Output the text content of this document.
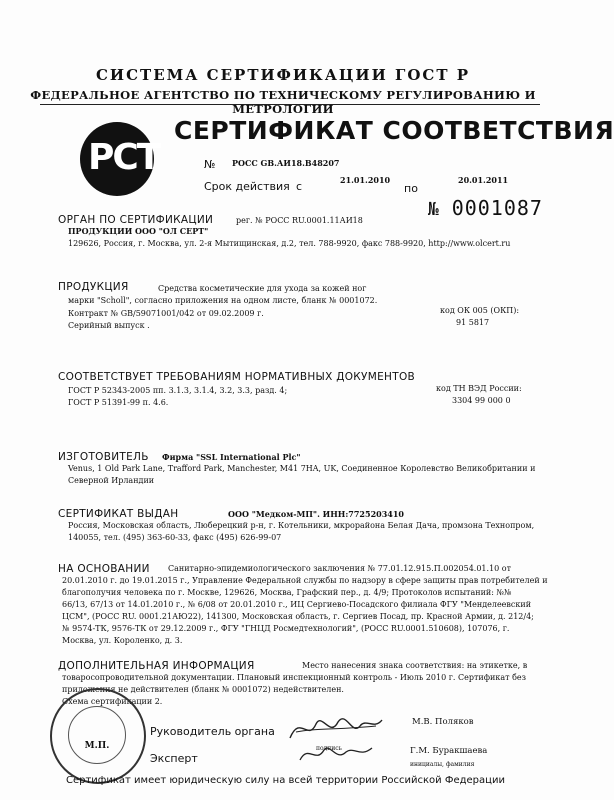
СИСТЕМА СЕРТИФИКАЦИИ ГОСТ Р
ФЕДЕРАЛЬНОЕ АГЕНТСТВО ПО ТЕХНИЧЕСКОМУ РЕГУЛИРОВАНИЮ И МЕТРОЛОГИИ
РСТ
СЕРТИФИКАТ СООТВЕТСТВИЯ
№ РОСС GB.АИ18.В48207
Срок действия с	21.01.2010
по
20.01.2011
№ 0001087
ОРГАН ПО СЕРТИФИКАЦИИ	рег. № РОСС RU.0001.11АИ18
ПРОДУКЦИИ ООО "ОЛ СЕРТ"
129626, Россия, г. Москва, ул. 2-я Мытищинская, д.2, тел. 788-9920, факс 788-9920, http://www.olcert.ru
ПРОДУКЦИЯ	Средства косметические для ухода за кожей ног
марки "Scholl", согласно приложения на одном листе, бланк № 0001072.
Контракт № GB/59071001/042 от 09.02.2009 г.
Серийный выпуск .
код ОК 005 (ОКП):
91 5817
СООТВЕТСТВУЕТ ТРЕБОВАНИЯМ НОРМАТИВНЫХ ДОКУМЕНТОВ
ГОСТ Р 52343-2005 пп. 3.1.3, 3.1.4, 3.2, 3.3, разд. 4;
ГОСТ Р 51391-99 п. 4.6.
код ТН ВЭД России:
3304 99 000 0
ИЗГОТОВИТЕЛЬ Фирма "SSL International Plc"
Venus, 1 Old Park Lane, Trafford Park, Manchester, M41 7HA, UK, Соединенное Королевство Великобритании и
Северной Ирландии
СЕРТИФИКАТ ВЫДАН	ООО "Медком-МП". ИНН:7725203410
Россия, Московская область, Люберецкий р-н, г. Котельники, мкрорайона Белая Дача, промзона Технопром,
140055, тел. (495) 363-60-33, факс (495) 626-99-07
НА ОСНОВАНИИ Санитарно-эпидемиологического заключения № 77.01.12.915.П.002054.01.10 от
20.01.2010 г. до 19.01.2015 г., Управление Федеральной службы по надзору в сфере защиты прав потребителей и
благополучия человека по г. Москве, 129626, Москва, Графский пер., д. 4/9; Протоколов испытаний: №№
66/13, 67/13 от 14.01.2010 г., № 6/08 от 20.01.2010 г., ИЦ Сергиево-Посадского филиала ФГУ "Менделеевский
ЦСМ", (РОСС RU. 0001.21АЮ22), 141300, Московская область, г. Сергиев Посад, пр. Красной Армии, д. 212/4;
№ 9574-ТК, 9576-ТК от 29.12.2009 г., ФГУ "ГНЦД Росмедтехнологий", (РОСС RU.0001.510608), 107076, г.
Москва, ул. Короленко, д. 3.
ДОПОЛНИТЕЛЬНАЯ ИНФОРМАЦИЯ	Место нанесения знака соответствия: на этикетке, в
товаросопроводительной документации. Плановый инспекционный контроль - Июль 2010 г. Сертификат без
приложения не действителен (бланк № 0001072) недействителен.
Схема сертификации 2.
М.П.
Руководитель органа
подпись
М.В. Поляков
Эксперт
Г.М. Буракшаева
инициалы, фамилия
Сертификат имеет юридическую силу на всей территории Российской Федерации
